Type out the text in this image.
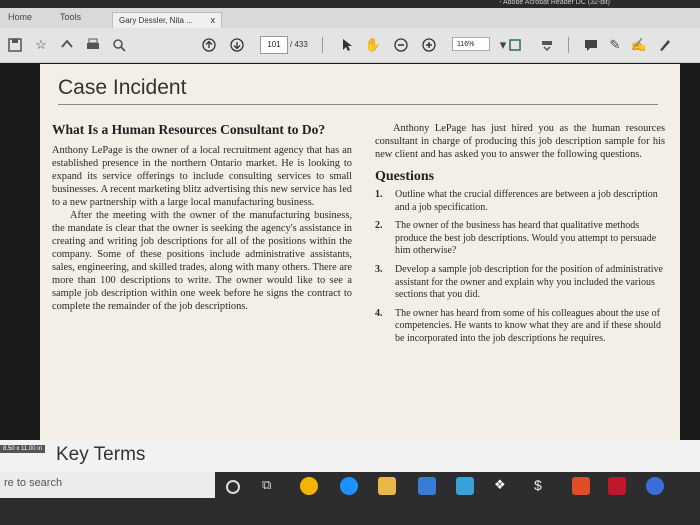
- Adobe Acrobat Reader DC (32-bit)
Home	Tools	Gary Dessler, Nita ... x
☆	101	/ 433	✋	116%	▾	✎ ✍
Case Incident

What Is a Human Resources Consultant to Do?

Anthony LePage is the owner of a local recruitment agency that has an established presence in the northern Ontario market. He is looking to expand its service offerings to include consulting services to small businesses. A recent marketing blitz advertising this new service has led to a new partnership with a large local manufacturing business.

After the meeting with the owner of the manufacturing business, the mandate is clear that the owner is seeking the agency's assistance in creating and writing job descriptions for all of the positions within the company. Some of these positions include administrative assistants, sales, engineering, and skilled trades, along with many others. There are more than 100 descriptions to write. The owner would like to see a sample job description within one week before he signs the contract to complete the remainder of the job descriptions.

Anthony LePage has just hired you as the human resources consultant in charge of producing this job description sample for his new client and has asked you to answer the following questions.

Questions

1. Outline what the crucial differences are between a job description and a job specification.
2. The owner of the business has heard that qualitative methods produce the best job descriptions. Would you attempt to persuade him otherwise?
3. Develop a sample job description for the position of administrative assistant for the owner and explain why you included the various sections that you did.
4. The owner has heard from some of his colleagues about the use of competencies. He wants to know what they are and if these should be incorporated into the job descriptions he requires.
8.50 x 11.00 in Key Terms
re to search	⧉	❖	$
